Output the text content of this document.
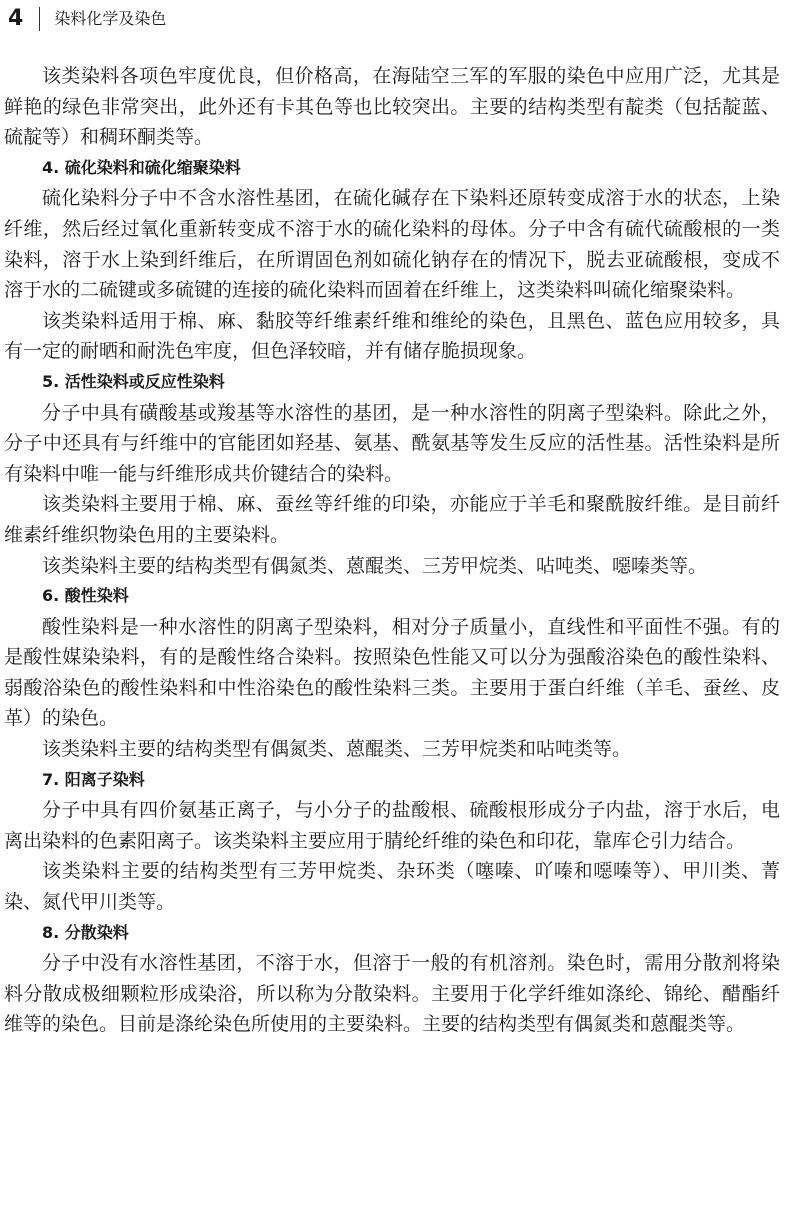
4 染料化学及染色

该类染料各项色牢度优良，但价格高，在海陆空三军的军服的染色中应用广泛，尤其是鲜艳的绿色非常突出，此外还有卡其色等也比较突出。主要的结构类型有靛类（包括靛蓝、硫靛等）和稠环酮类等。

4. 硫化染料和硫化缩聚染料

硫化染料分子中不含水溶性基团，在硫化碱存在下染料还原转变成溶于水的状态，上染纤维，然后经过氧化重新转变成不溶于水的硫化染料的母体。分子中含有硫代硫酸根的一类染料，溶于水上染到纤维后，在所谓固色剂如硫化钠存在的情况下，脱去亚硫酸根，变成不溶于水的二硫键或多硫键的连接的硫化染料而固着在纤维上，这类染料叫硫化缩聚染料。

该类染料适用于棉、麻、黏胶等纤维素纤维和维纶的染色，且黑色、蓝色应用较多，具有一定的耐晒和耐洗色牢度，但色泽较暗，并有储存脆损现象。

5. 活性染料或反应性染料

分子中具有磺酸基或羧基等水溶性的基团，是一种水溶性的阴离子型染料。除此之外，分子中还具有与纤维中的官能团如羟基、氨基、酰氨基等发生反应的活性基。活性染料是所有染料中唯一能与纤维形成共价键结合的染料。

该类染料主要用于棉、麻、蚕丝等纤维的印染，亦能应于羊毛和聚酰胺纤维。是目前纤维素纤维织物染色用的主要染料。

该类染料主要的结构类型有偶氮类、蒽醌类、三芳甲烷类、呫吨类、噁嗪类等。

6. 酸性染料

酸性染料是一种水溶性的阴离子型染料，相对分子质量小，直线性和平面性不强。有的是酸性媒染染料，有的是酸性络合染料。按照染色性能又可以分为强酸浴染色的酸性染料、弱酸浴染色的酸性染料和中性浴染色的酸性染料三类。主要用于蛋白纤维（羊毛、蚕丝、皮革）的染色。

该类染料主要的结构类型有偶氮类、蒽醌类、三芳甲烷类和呫吨类等。

7. 阳离子染料

分子中具有四价氨基正离子，与小分子的盐酸根、硫酸根形成分子内盐，溶于水后，电离出染料的色素阳离子。该类染料主要应用于腈纶纤维的染色和印花，靠库仑引力结合。

该类染料主要的结构类型有三芳甲烷类、杂环类（噻嗪、吖嗪和噁嗪等）、甲川类、菁染、氮代甲川类等。

8. 分散染料

分子中没有水溶性基团，不溶于水，但溶于一般的有机溶剂。染色时，需用分散剂将染料分散成极细颗粒形成染浴，所以称为分散染料。主要用于化学纤维如涤纶、锦纶、醋酯纤维等的染色。目前是涤纶染色所使用的主要染料。主要的结构类型有偶氮类和蒽醌类等。
